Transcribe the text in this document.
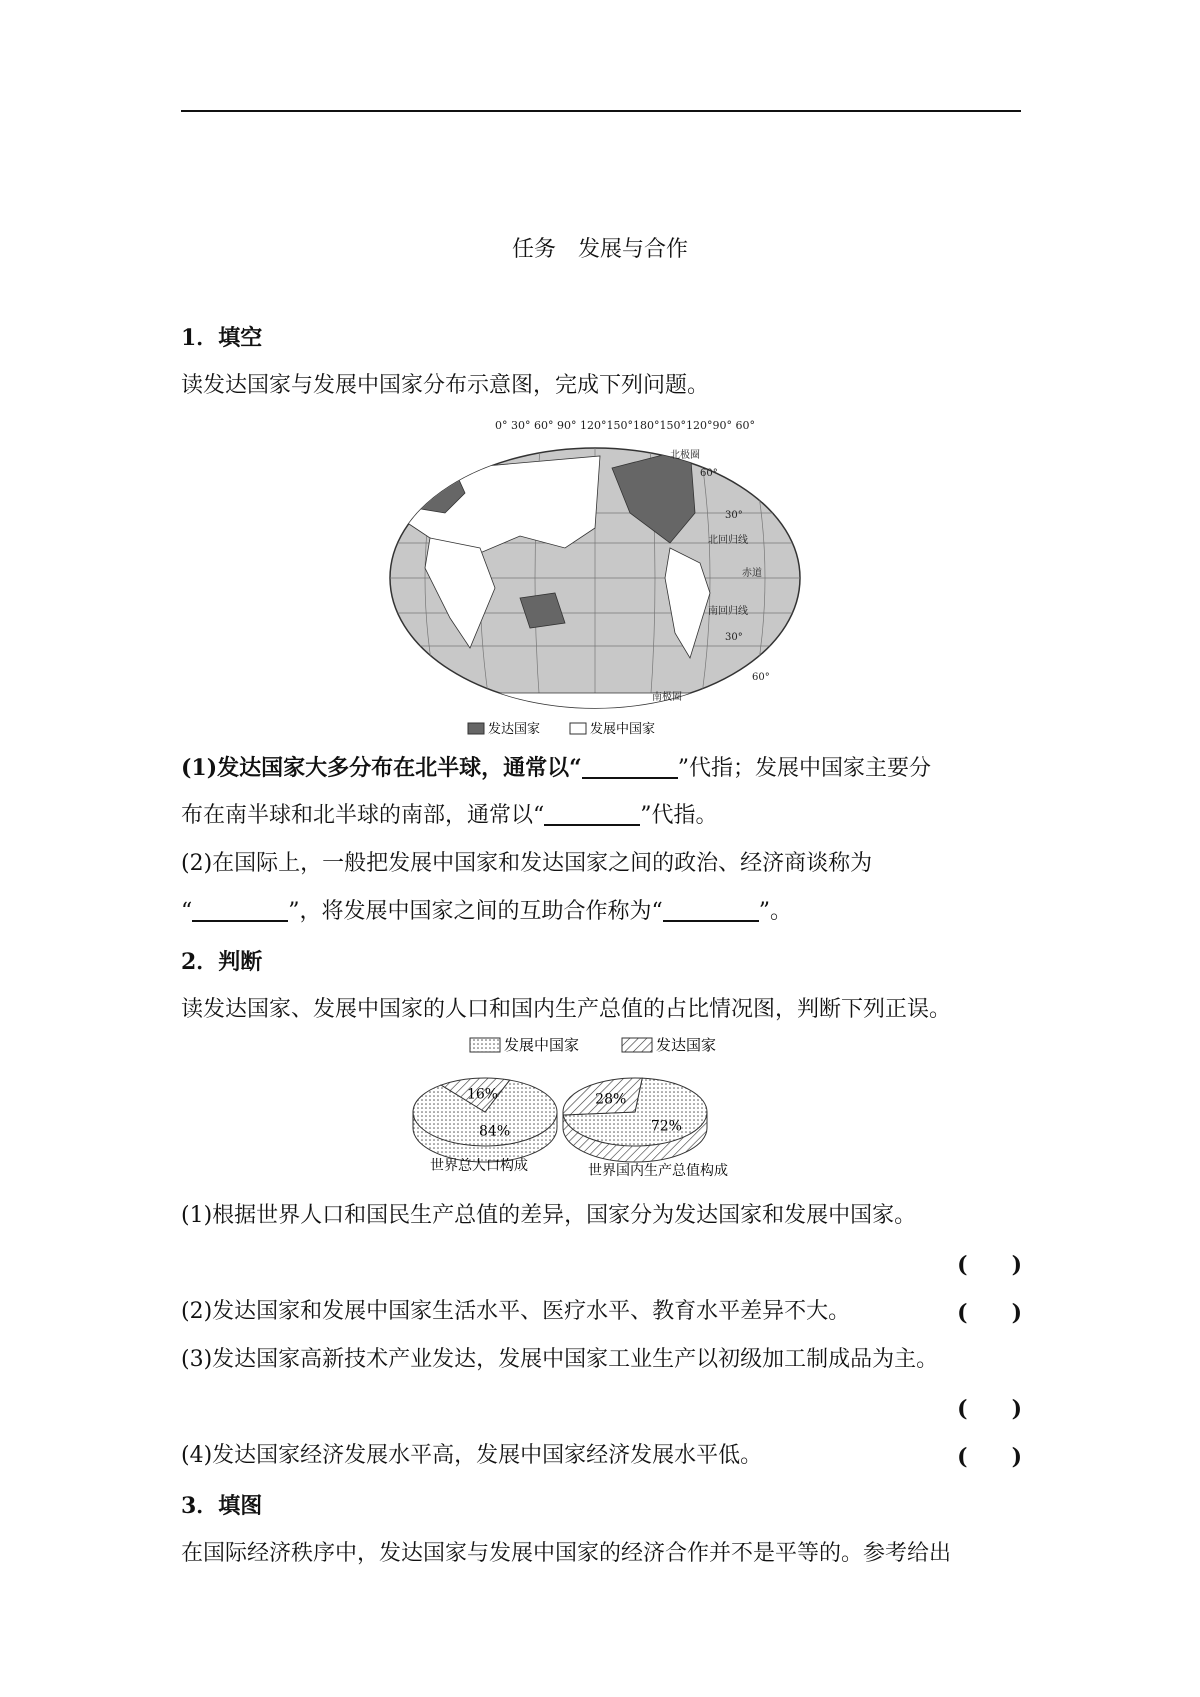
任务　发展与合作
1．填空
读发达国家与发展中国家分布示意图，完成下列问题。
0° 30° 60° 90° 120°150°180°150°120°90° 60°
北极圈
60°
30°
北回归线
赤道
南回归线
30°
60°
南极圈
发达国家	发展中国家
(1)发达国家大多分布在北半球，通常以“	”代指；发展中国家主要分
布在南半球和北半球的南部，通常以“	”代指。
(2)在国际上，一般把发展中国家和发达国家之间的政治、经济商谈称为
“	”，将发展中国家之间的互助合作称为“	”。
2．判断
读发达国家、发展中国家的人口和国内生产总值的占比情况图，判断下列正误。
发展中国家	发达国家
84%
16%
72%
28%
世界总人口构成	世界国内生产总值构成
(1)根据世界人口和国民生产总值的差异，国家分为发达国家和发展中国家。
(　　)
(2)发达国家和发展中国家生活水平、医疗水平、教育水平差异不大。	(　　)
(3)发达国家高新技术产业发达，发展中国家工业生产以初级加工制成品为主。
(　　)
(4)发达国家经济发展水平高，发展中国家经济发展水平低。	(　　)
3．填图
在国际经济秩序中，发达国家与发展中国家的经济合作并不是平等的。参考给出
